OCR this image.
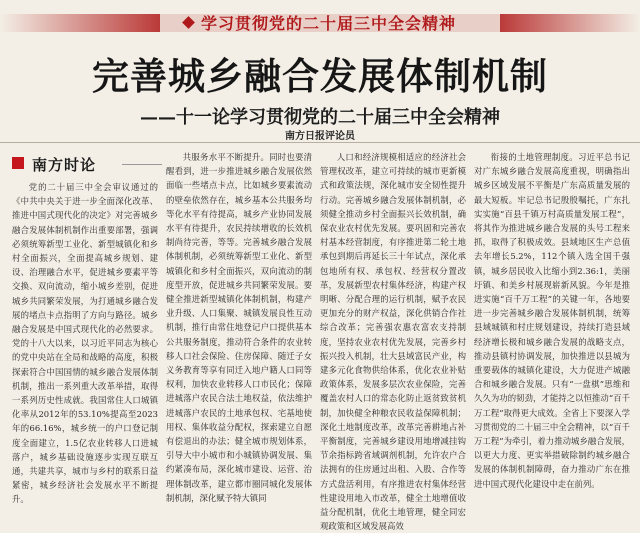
学习贯彻党的二十届三中全会精神
完善城乡融合发展体制机制
——十一论学习贯彻党的二十届三中全会精神
南方日报评论员
南方时论

党的二十届三中全会审议通过的《中共中央关于进一步全面深化改革、推进中国式现代化的决定》对完善城乡融合发展体制机制作出重要部署，强调必须统筹新型工业化、新型城镇化和乡村全面振兴，全面提高城乡规划、建设、治理融合水平，促进城乡要素平等交换、双向流动，缩小城乡差别，促进城乡共同繁荣发展，为打通城乡融合发展的堵点卡点指明了方向与路径。城乡融合发展是中国式现代化的必然要求。党的十八大以来，以习近平同志为核心的党中央站在全局和战略的高度，积极探索符合中国国情的城乡融合发展体制机制，推出一系列重大改革举措，取得一系列历史性成就。我国常住人口城镇化率从2012年的53.10%提高至2023年的66.16%，城乡统一的户口登记制度全面建立，1.5亿农业转移人口进城落户，城乡基础设施逐步实现互联互通，共建共享，城市与乡村的联系日益紧密，城乡经济社会发展水平不断提升。

共服务水平不断提升。同时也要清醒看到，进一步推进城乡融合发展依然面临一些堵点卡点，比如城乡要素流动的壁垒依然存在，城乡基本公共服务均等化水平有待提高，城乡产业协同发展水平有待提升，农民持续增收的长效机制尚待完善，等等。完善城乡融合发展体制机制，必须统筹新型工业化、新型城镇化和乡村全面振兴，双向流动的制度型开放，促进城乡共同繁荣发展。要健全推进新型城镇化体制机制，构建产业升级、人口集聚、城镇发展良性互动机制，推行由常住地登记户口提供基本公共服务制度，推动符合条件的农业转移人口社会保险、住房保障、随迁子女义务教育等享有同迁入地户籍人口同等权利，加快农业转移人口市民化；保障进城落户农民合法土地权益，依法维护进城落户农民的土地承包权、宅基地使用权、集体收益分配权，探索建立自愿有偿退出的办法；健全城市规划体系，引导大中小城市和小城镇协调发展、集约紧凑布局，深化城市建设、运营、治理体制改革，建立都市圈同城化发展体制机制，深化赋予特大镇同

人口和经济规模相适应的经济社会管理权改革，建立可持续的城市更新模式和政策法规，深化城市安全韧性提升行动。完善城乡融合发展体制机制，必须健全推动乡村全面振兴长效机制，确保农业农村优先发展。要巩固和完善农村基本经营制度，有序推进第二轮土地承包到期后再延长三十年试点，深化承包地所有权、承包权、经营权分置改革，发展新型农村集体经济，构建产权明晰、分配合理的运行机制，赋予农民更加充分的财产权益，深化供销合作社综合改革；完善强农惠农富农支持制度，坚持农业农村优先发展，完善乡村振兴投入机制，壮大县域富民产业，构建多元化食物供给体系，优化农业补贴政策体系，发展多层次农业保险，完善覆盖农村人口的常态化防止返贫致贫机制，加快健全种粮农民收益保障机制；深化土地制度改革，改革完善耕地占补平衡制度，完善城乡建设用地增减挂钩节余指标跨省域调剂机制，允许农户合法拥有的住房通过出租、入股、合作等方式盘活利用，有序推进农村集体经营性建设用地入市改革，健全土地增值收益分配机制，优化土地管理，健全同宏观政策和区域发展高效

衔接的土地管理制度。习近平总书记对广东城乡融合发展高度重视，明确指出城乡区域发展不平衡是广东高质量发展的最大短板。牢记总书记殷殷嘱托，广东扎实实施“百县千镇万村高质量发展工程”，将其作为推进城乡融合发展的头号工程来抓，取得了积极成效。县域地区生产总值去年增长5.2%，112个镇入选全国千强镇，城乡居民收入比缩小到2.36:1，美丽圩镇、和美乡村展现崭新风貌。今年是推进实施“百千万工程”的关键一年，各地要进一步完善城乡融合发展体制机制，统筹县域城镇和村庄规划建设，持续打造县域经济增长极和城乡融合发展的战略支点，推动县镇村协调发展，加快推进以县城为重要载体的城镇化建设，大力促进产城融合和城乡融合发展。只有“一盘棋”思维和久久为功的韧劲，才能持之以恒推动“百千万工程”取得更大成效。全省上下要深入学习贯彻党的二十届三中全会精神，以“百千万工程”为牵引，着力推动城乡融合发展，以更大力度、更实举措破除制约城乡融合发展的体制机制障碍，奋力推动广东在推进中国式现代化建设中走在前列。
